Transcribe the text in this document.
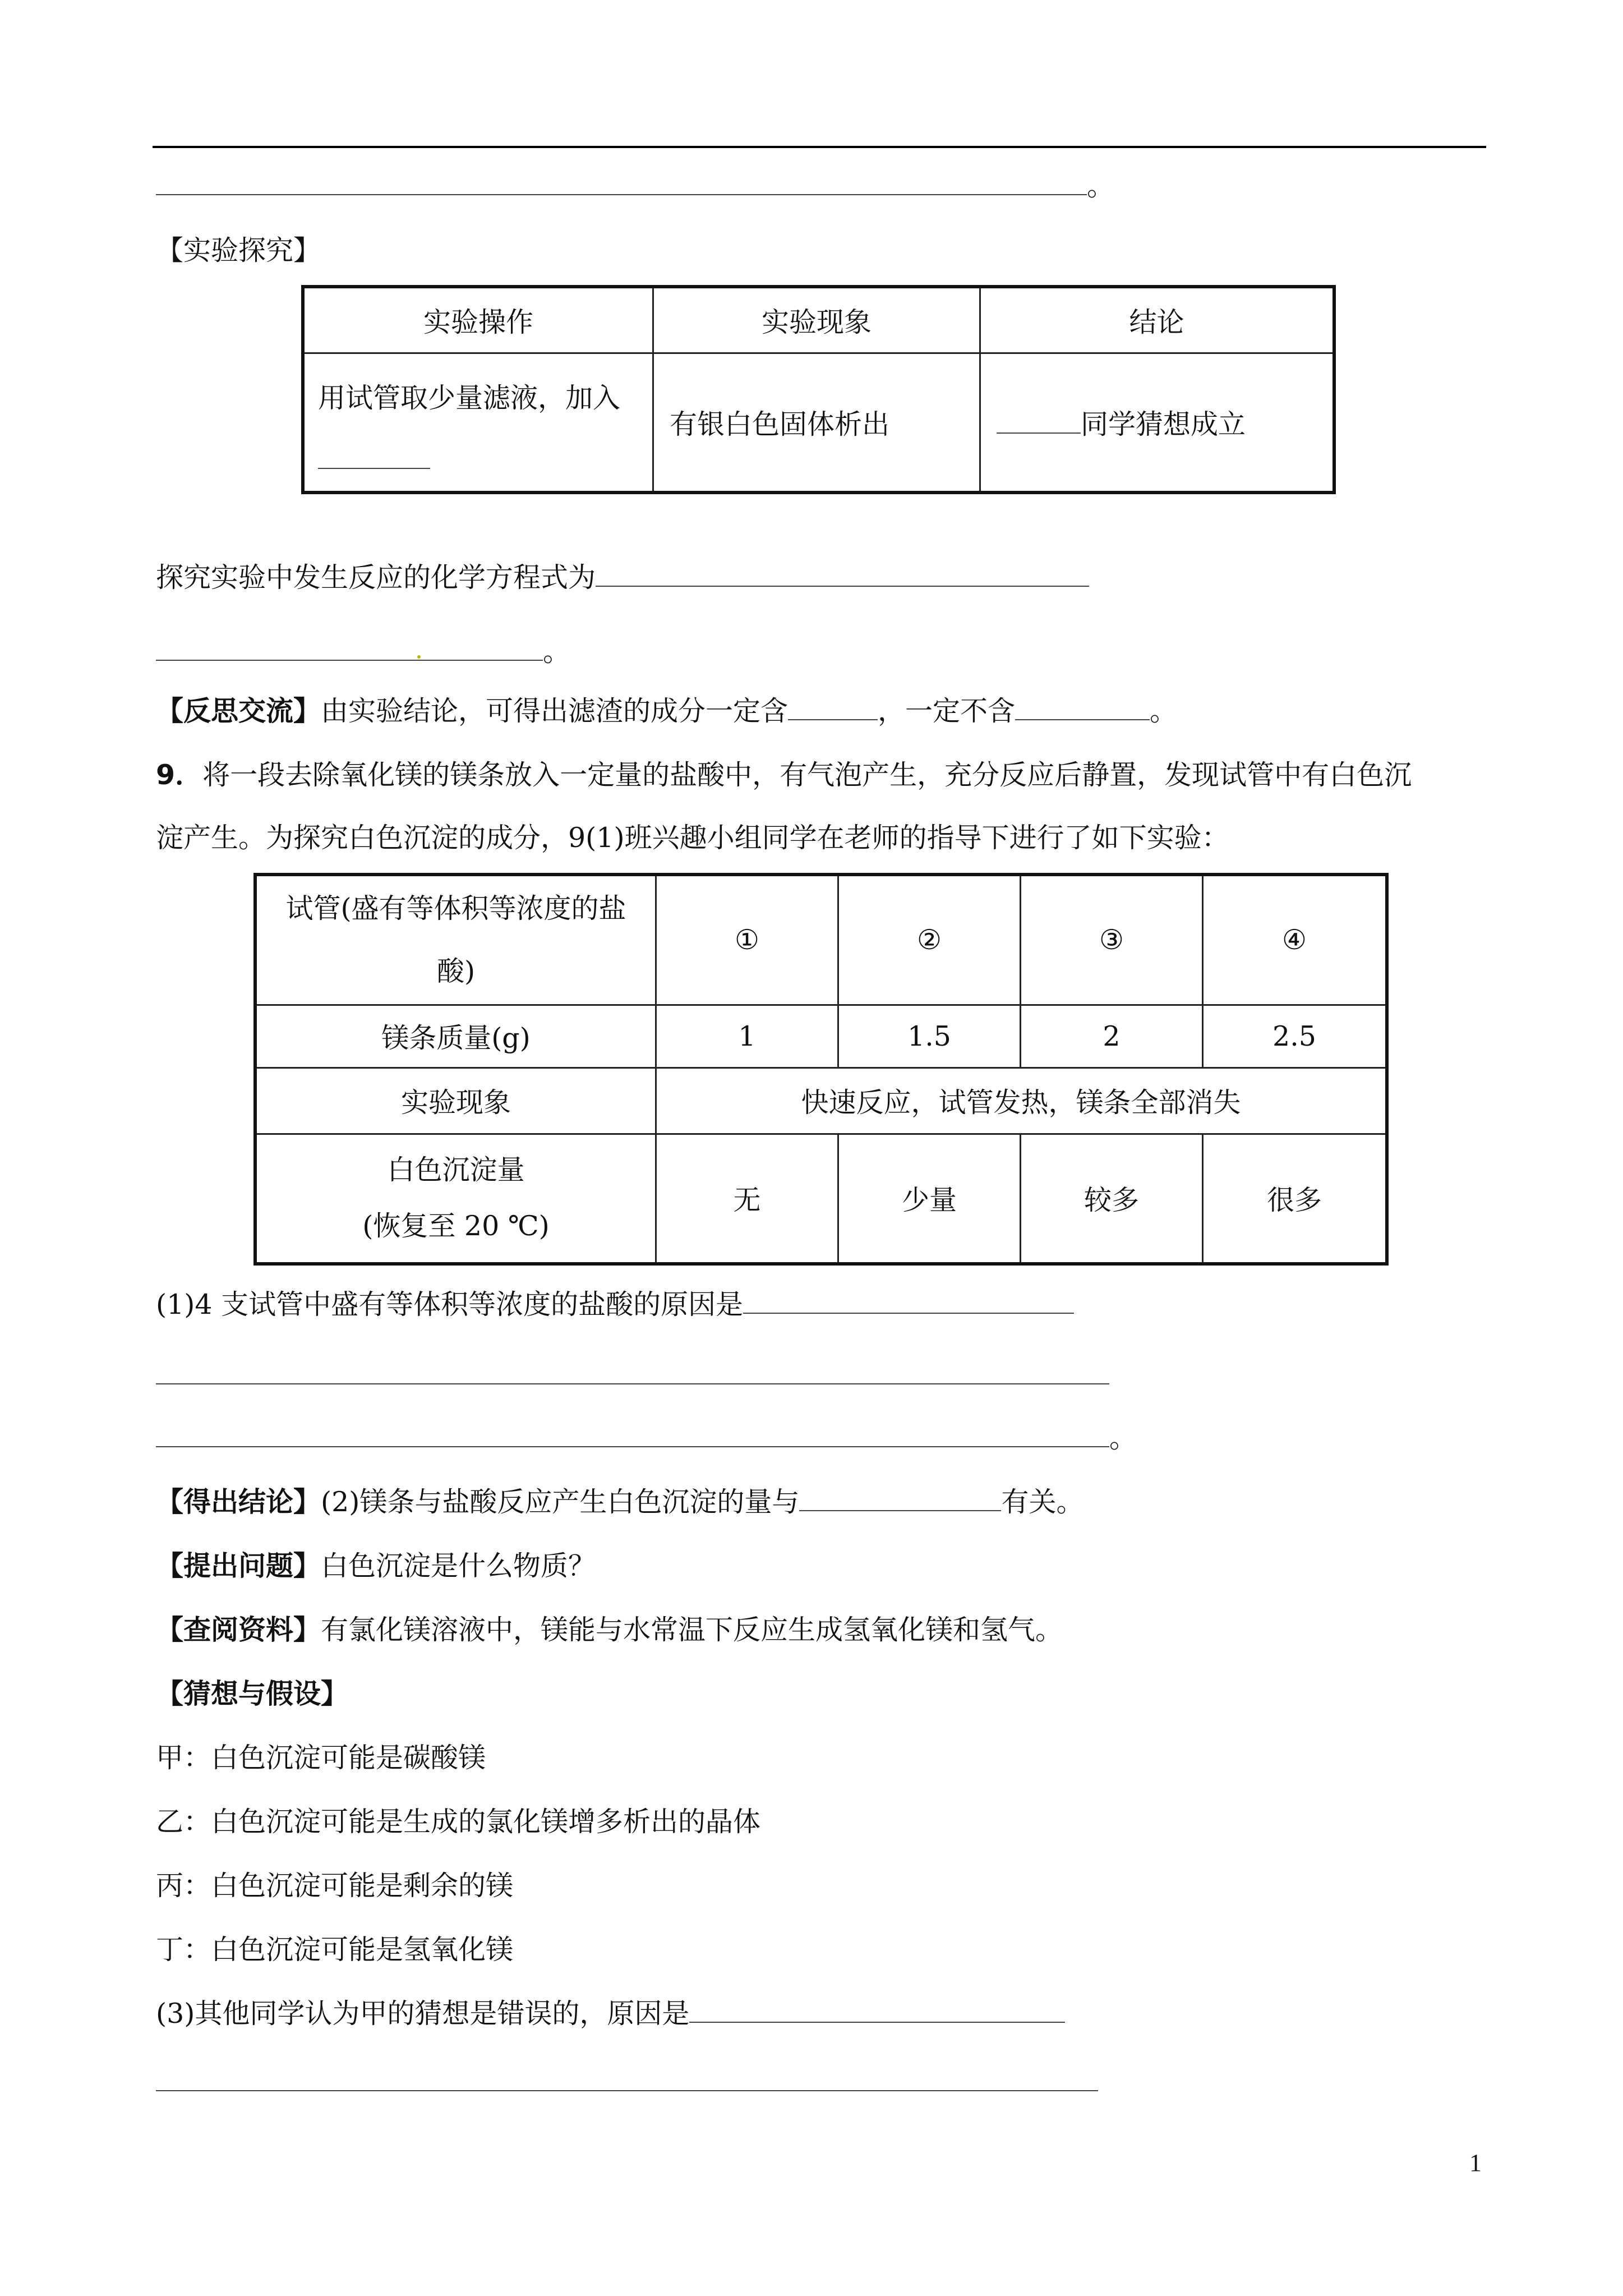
。
【实验探究】
实验操作	实验现象	结论
用试管取少量滤液，加入	有银白色固体析出	同学猜想成立
探究实验中发生反应的化学方程式为
。
【反思交流】由实验结论，可得出滤渣的成分一定含	，一定不含	。
9．将一段去除氧化镁的镁条放入一定量的盐酸中，有气泡产生，充分反应后静置，发现试管中有白色沉
淀产生。为探究白色沉淀的成分，9(1)班兴趣小组同学在老师的指导下进行了如下实验：
试管(盛有等体积等浓度的盐
酸)	①	②	③	④
镁条质量(g)	1	1.5	2	2.5
实验现象	快速反应，试管发热，镁条全部消失			
白色沉淀量
(恢复至 20 ℃)	无	少量	较多	很多
(1)4 支试管中盛有等体积等浓度的盐酸的原因是
。
【得出结论】(2)镁条与盐酸反应产生白色沉淀的量与	有关。
【提出问题】白色沉淀是什么物质？
【查阅资料】有氯化镁溶液中，镁能与水常温下反应生成氢氧化镁和氢气。
【猜想与假设】
甲：白色沉淀可能是碳酸镁
乙：白色沉淀可能是生成的氯化镁增多析出的晶体
丙：白色沉淀可能是剩余的镁
丁：白色沉淀可能是氢氧化镁
(3)其他同学认为甲的猜想是错误的，原因是
1
